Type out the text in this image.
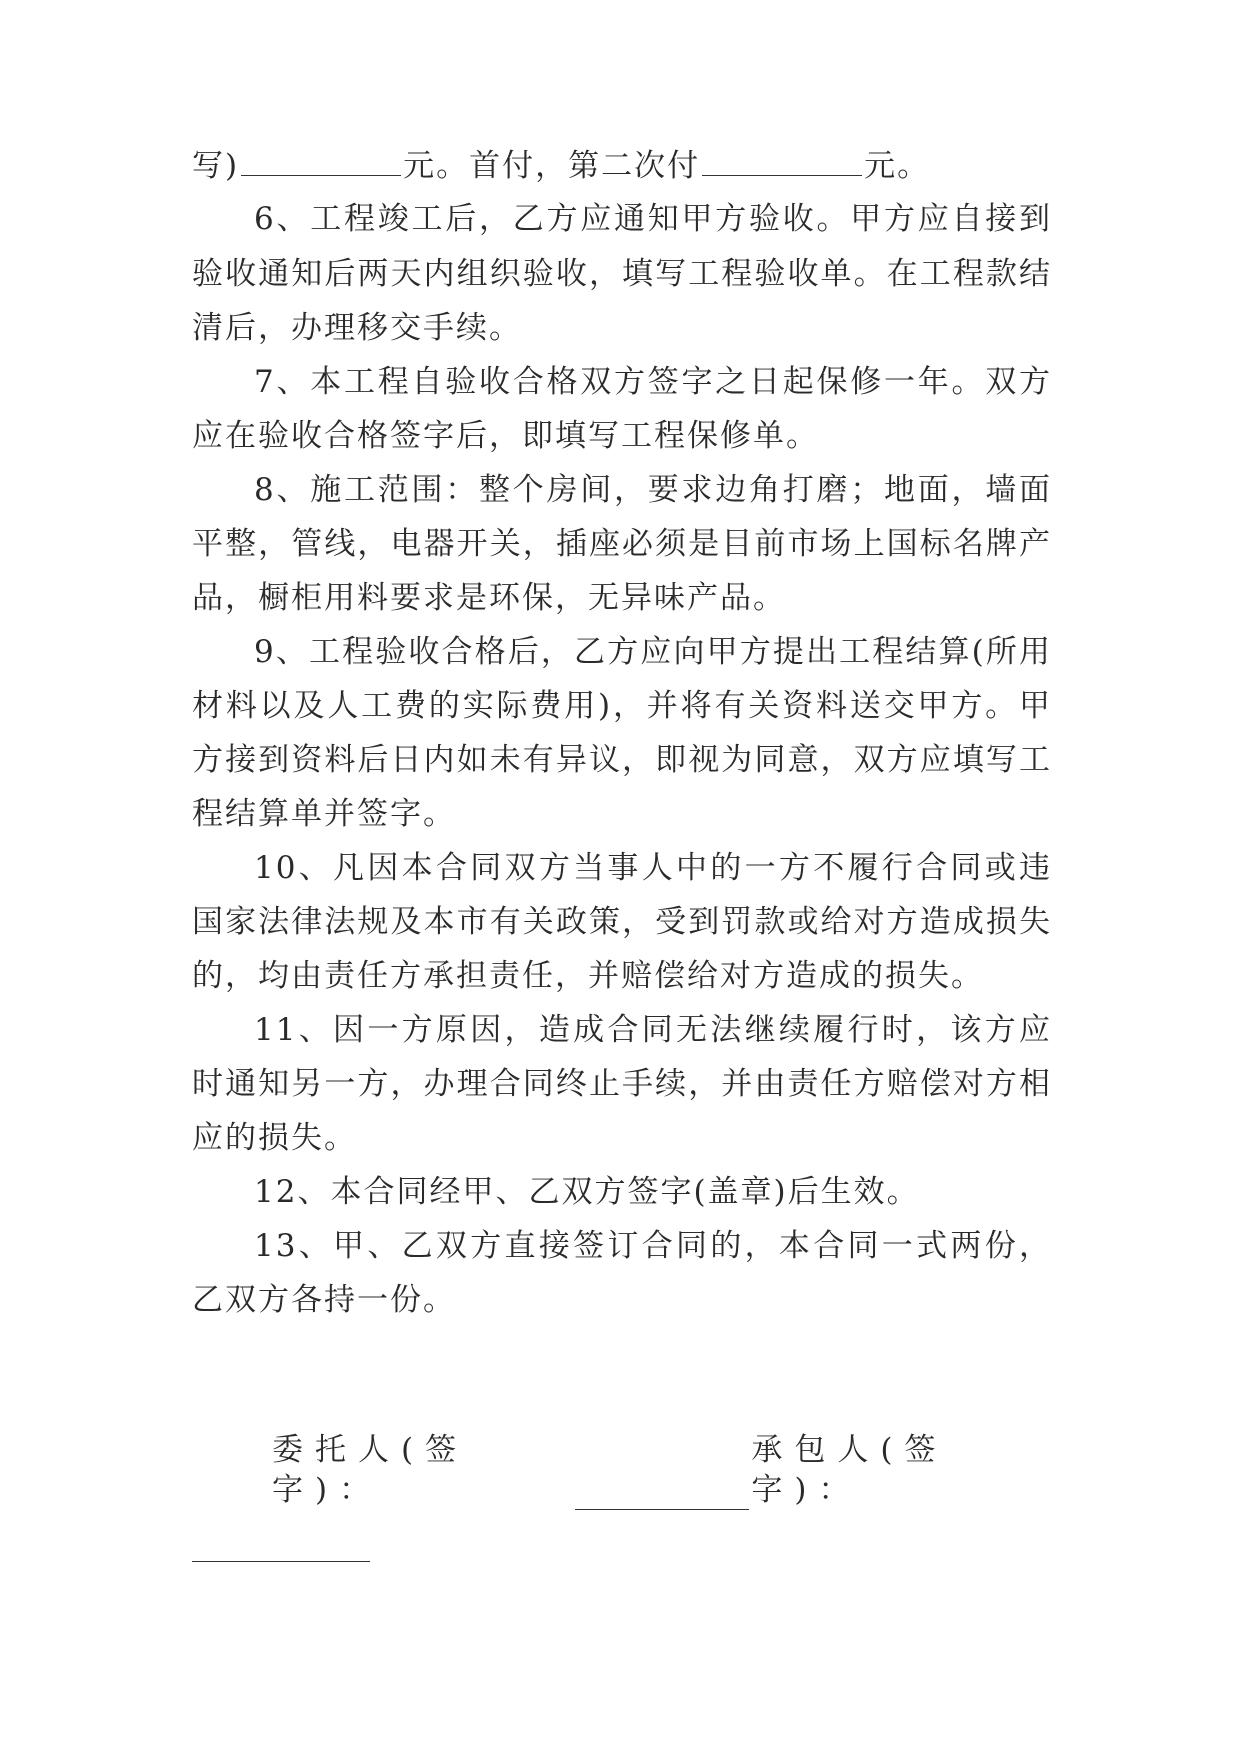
写)	元。首付，第二次付	元。
6、工程竣工后，乙方应通知甲方验收。甲方应自接到
验收通知后两天内组织验收，填写工程验收单。在工程款结
清后，办理移交手续。
7、本工程自验收合格双方签字之日起保修一年。双方
应在验收合格签字后，即填写工程保修单。
8、施工范围：整个房间，要求边角打磨；地面，墙面
平整，管线，电器开关，插座必须是目前市场上国标名牌产
品，橱柜用料要求是环保，无异味产品。
9、工程验收合格后，乙方应向甲方提出工程结算(所用
材料以及人工费的实际费用)，并将有关资料送交甲方。甲
方接到资料后日内如未有异议，即视为同意，双方应填写工
程结算单并签字。
10、凡因本合同双方当事人中的一方不履行合同或违
国家法律法规及本市有关政策，受到罚款或给对方造成损失
的，均由责任方承担责任，并赔偿给对方造成的损失。
11、因一方原因，造成合同无法继续履行时，该方应
时通知另一方，办理合同终止手续，并由责任方赔偿对方相
应的损失。
12、本合同经甲、乙双方签字(盖章)后生效。
13、甲、乙双方直接签订合同的，本合同一式两份，
乙双方各持一份。
委托人(签字)：
承包人(签字)：
